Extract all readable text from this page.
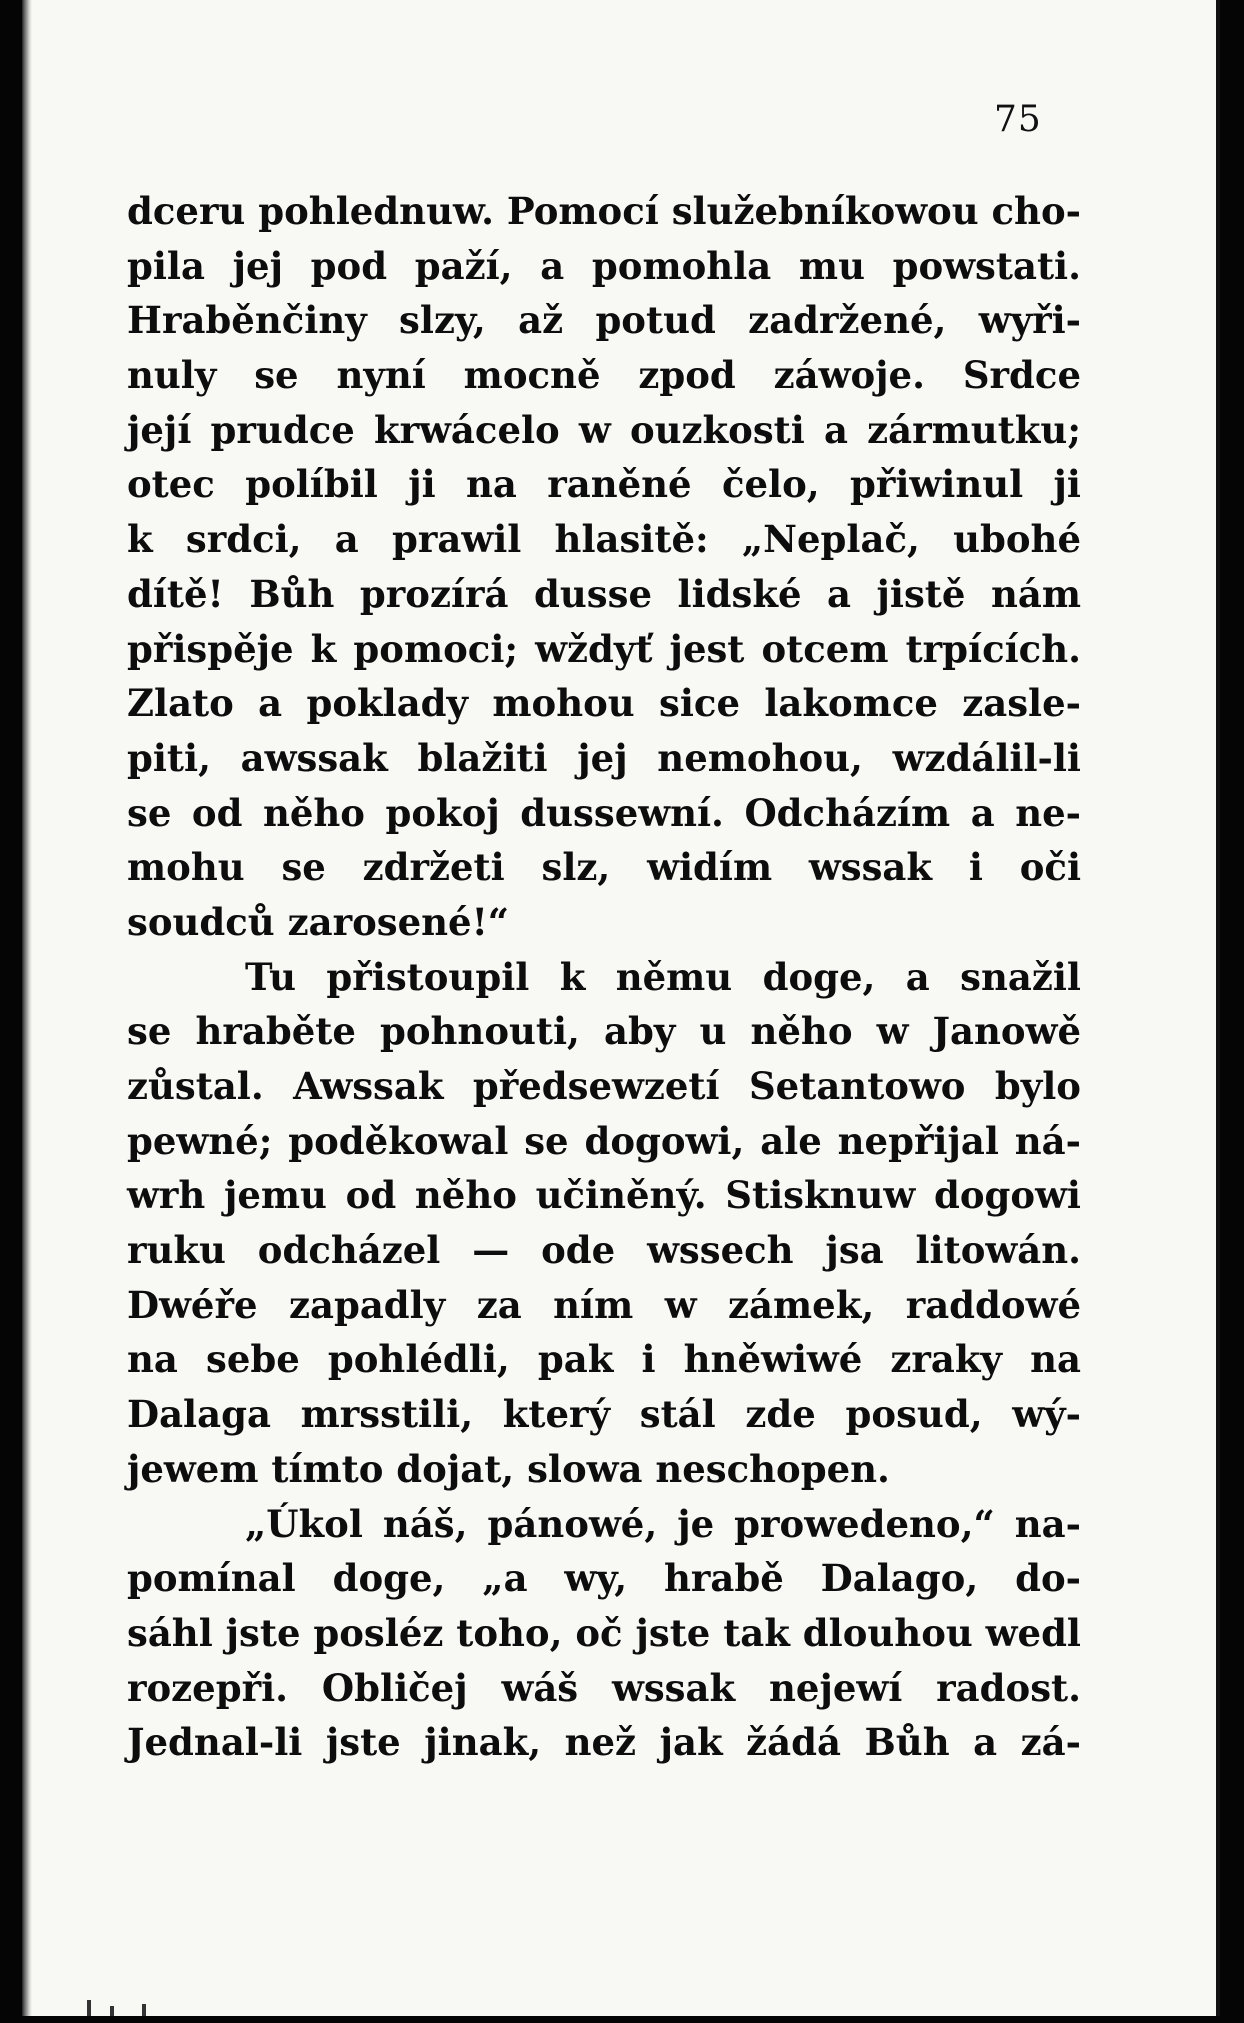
75
dceru pohlednuw. Pomocí služebníkowou cho-
pila jej pod paží, a pomohla mu powstati.
Hraběnčiny slzy, až potud zadržené, wyři-
nuly se nyní mocně zpod záwoje. Srdce
její prudce krwácelo w ouzkosti a zármutku;
otec políbil ji na raněné čelo, přiwinul ji
k srdci, a prawil hlasitě: „Neplač, ubohé
dítě! Bůh prozírá dusse lidské a jistě nám
přispěje k pomoci; wždyť jest otcem trpících.
Zlato a poklady mohou sice lakomce zasle-
piti, awssak blažiti jej nemohou, wzdálil-li
se od něho pokoj dussewní. Odcházím a ne-
mohu se zdržeti slz, widím wssak i oči
soudců zarosené!“
Tu přistoupil k němu doge, a snažil
se hraběte pohnouti, aby u něho w Janowě
zůstal. Awssak předsewzetí Setantowo bylo
pewné; poděkowal se dogowi, ale nepřijal ná-
wrh jemu od něho učiněný. Stisknuw dogowi
ruku odcházel — ode wssech jsa litowán.
Dwéře zapadly za ním w zámek, raddowé
na sebe pohlédli, pak i hněwiwé zraky na
Dalaga mrsstili, který stál zde posud, wý-
jewem tímto dojat, slowa neschopen.
„Úkol náš, pánowé, je prowedeno,“ na-
pomínal doge, „a wy, hrabě Dalago, do-
sáhl jste posléz toho, oč jste tak dlouhou wedl
rozepři. Obličej wáš wssak nejewí radost.
Jednal-li jste jinak, než jak žádá Bůh a zá-
